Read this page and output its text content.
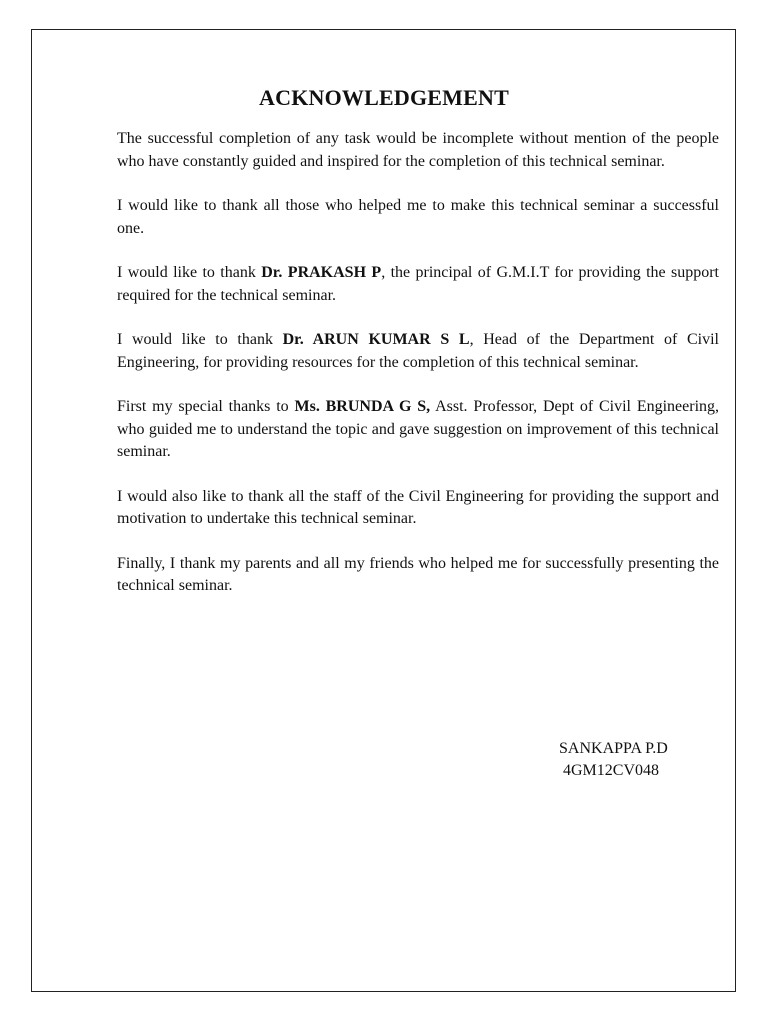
ACKNOWLEDGEMENT

The successful completion of any task would be incomplete without mention of the people who have constantly guided and inspired for the completion of this technical seminar.

I would like to thank all those who helped me to make this technical seminar a successful one.

I would like to thank Dr. PRAKASH P, the principal of G.M.I.T for providing the support required for the technical seminar.

I would like to thank Dr. ARUN KUMAR S L, Head of the Department of Civil Engineering, for providing resources for the completion of this technical seminar.

First my special thanks to Ms. BRUNDA G S, Asst. Professor, Dept of Civil Engineering, who guided me to understand the topic and gave suggestion on improvement of this technical seminar.

I would also like to thank all the staff of the Civil Engineering for providing the support and motivation to undertake this technical seminar.

Finally, I thank my parents and all my friends who helped me for successfully presenting the technical seminar.

SANKAPPA P.D
4GM12CV048
